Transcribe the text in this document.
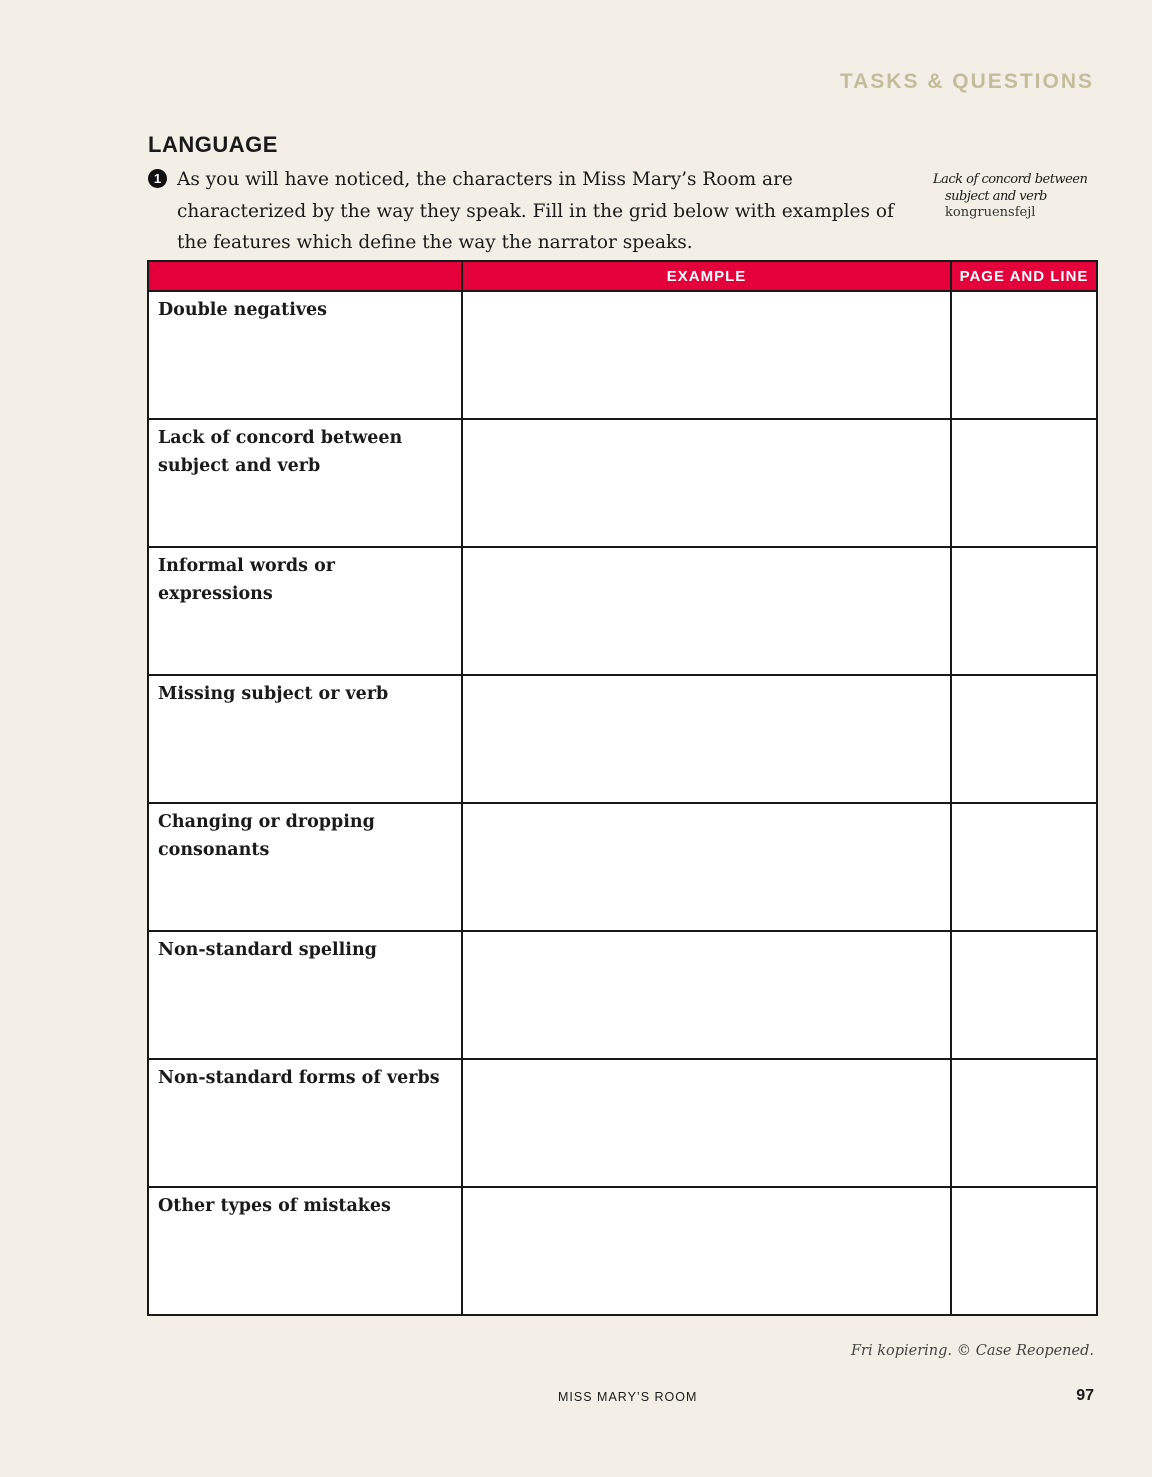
TASKS & QUESTIONS
LANGUAGE
1 As you will have noticed, the characters in Miss Mary’s Room are characterized by the way they speak. Fill in the grid below with examples of the features which define the way the narrator speaks.
Lack of concord between
subject and verb
kongruensfejl
	EXAMPLE	PAGE AND LINE
Double negatives		
Lack of concord between subject and verb		
Informal words or expressions		
Missing subject or verb		
Changing or dropping consonants		
Non-standard spelling		
Non-standard forms of verbs		
Other types of mistakes		
Fri kopiering. © Case Reopened.
MISS MARY’S ROOM	97
